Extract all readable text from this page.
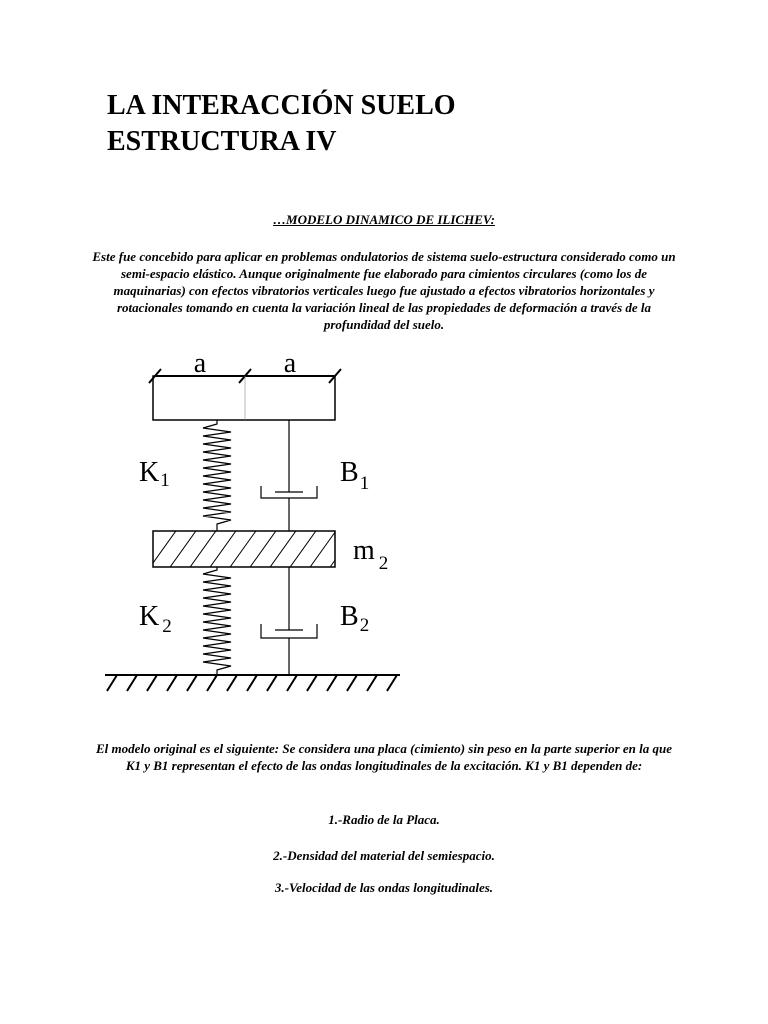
LA INTERACCIÓN SUELO
ESTRUCTURA IV
…MODELO DINAMICO DE ILICHEV:

Este fue concebido para aplicar en problemas ondulatorios de sistema suelo-estructura considerado como un semi-espacio elástico. Aunque originalmente fue elaborado para cimientos circulares (como los de maquinarias) con efectos vibratorios verticales luego fue ajustado a efectos vibratorios horizontales y rotacionales tomando en cuenta la variación lineal de las propiedades de deformación a través de la profundidad del suelo.

a	a
K1	$B_1$
m $_2$
K $_2$	$B_2$

El modelo original es el siguiente: Se considera una placa (cimiento) sin peso en la parte superior en la que K1 y B1 representan el efecto de las ondas longitudinales de la excitación. K1 y B1 dependen de:

1.-Radio de la Placa.
2.-Densidad del material del semiespacio.
3.-Velocidad de las ondas longitudinales.
